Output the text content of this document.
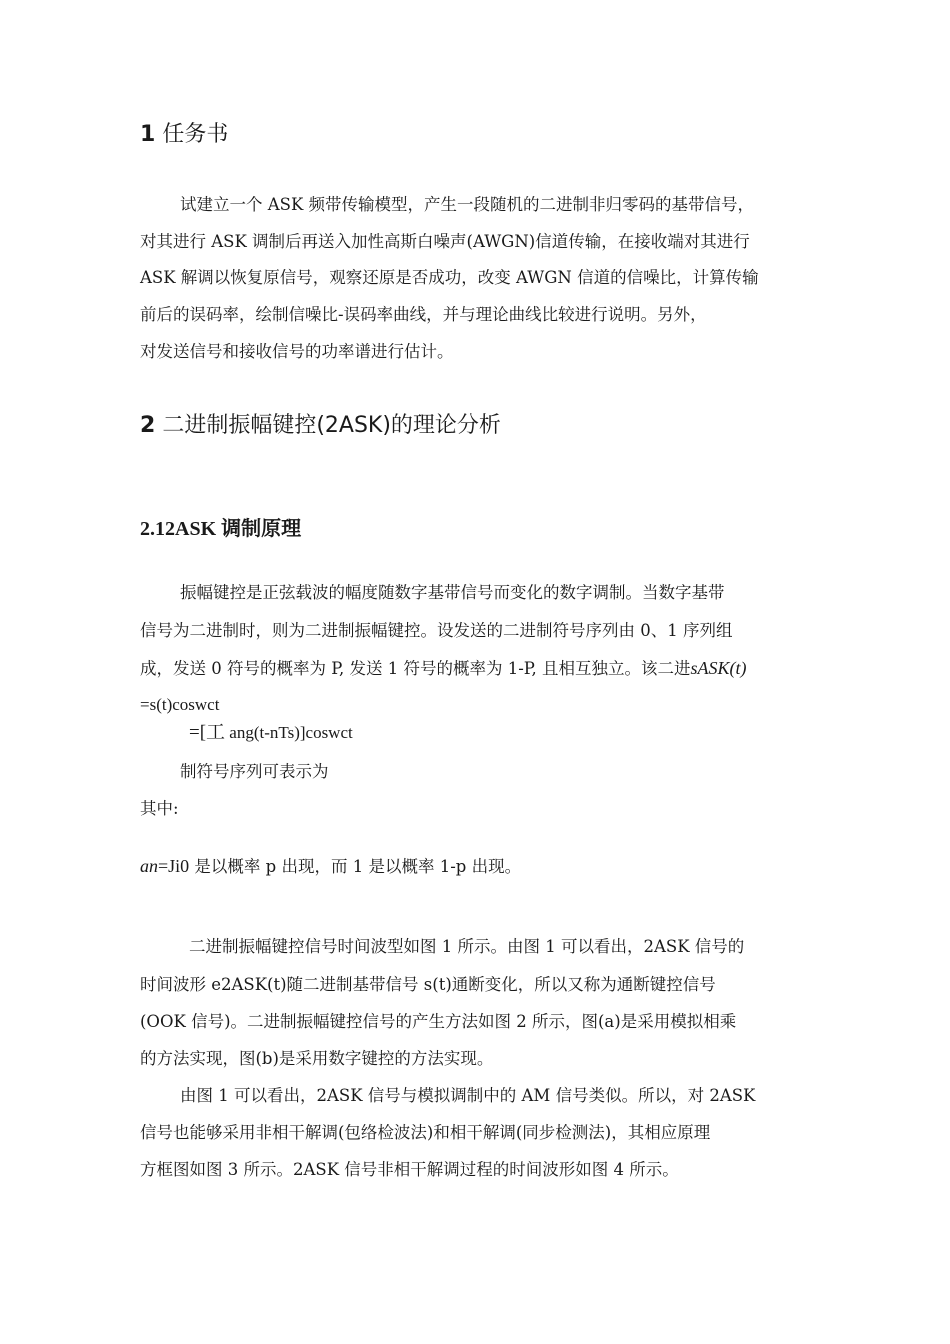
1 任务书
试建立一个 ASK 频带传输模型，产生一段随机的二进制非归零码的基带信号，
对其进行 ASK 调制后再送入加性高斯白噪声(AWGN)信道传输，在接收端对其进行
ASK 解调以恢复原信号，观察还原是否成功，改变 AWGN 信道的信噪比，计算传输
前后的误码率，绘制信噪比-误码率曲线，并与理论曲线比较进行说明。另外，
对发送信号和接收信号的功率谱进行估计。
2 二进制振幅键控(2ASK)的理论分析
2.12ASK 调制原理
振幅键控是正弦载波的幅度随数字基带信号而变化的数字调制。当数字基带
信号为二进制时，则为二进制振幅键控。设发送的二进制符号序列由 0、1 序列组
成，发送 0 符号的概率为 P, 发送 1 符号的概率为 1-P, 且相互独立。该二进sASK(t)
=s(t)coswct
=[工 ang(t-nTs)]coswct
制符号序列可表示为
其中:
an=Ji0 是以概率 p 出现，而 1 是以概率 1-p 出现。
二进制振幅键控信号时间波型如图 1 所示。由图 1 可以看出，2ASK 信号的
时间波形 e2ASK(t)随二进制基带信号 s(t)通断变化，所以又称为通断键控信号
(OOK 信号)。二进制振幅键控信号的产生方法如图 2 所示，图(a)是采用模拟相乘
的方法实现，图(b)是采用数字键控的方法实现。
由图 1 可以看出，2ASK 信号与模拟调制中的 AM 信号类似。所以，对 2ASK
信号也能够采用非相干解调(包络检波法)和相干解调(同步检测法)，其相应原理
方框图如图 3 所示。2ASK 信号非相干解调过程的时间波形如图 4 所示。
